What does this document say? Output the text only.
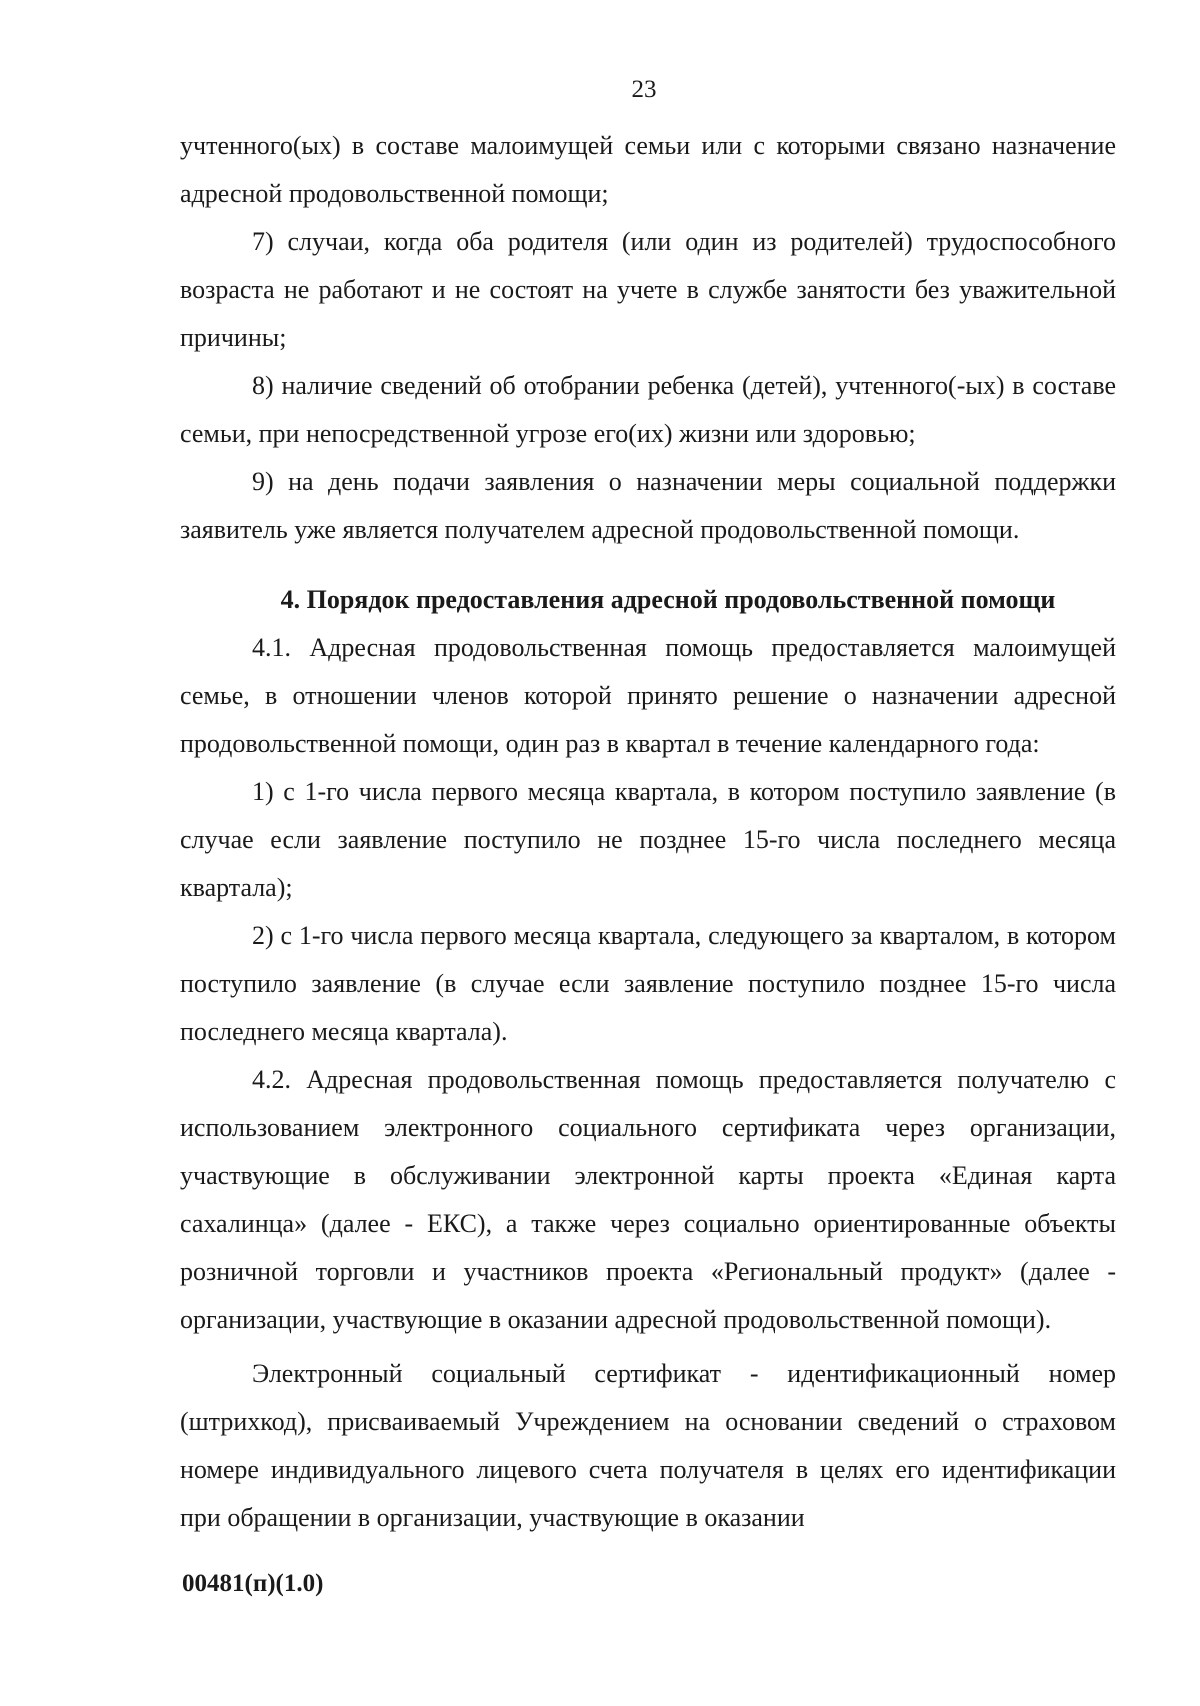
23

учтенного(ых) в составе малоимущей семьи или с которыми связано назначение адресной продовольственной помощи;

7) случаи, когда оба родителя (или один из родителей) трудоспособного возраста не работают и не состоят на учете в службе занятости без уважительной причины;

8) наличие сведений об отобрании ребенка (детей), учтенного(-ых) в составе семьи, при непосредственной угрозе его(их) жизни или здоровью;

9) на день подачи заявления о назначении меры социальной поддержки заявитель уже является получателем адресной продовольственной помощи.

4. Порядок предоставления адресной продовольственной помощи

4.1. Адресная продовольственная помощь предоставляется малоимущей семье, в отношении членов которой принято решение о назначении адресной продовольственной помощи, один раз в квартал в течение календарного года:

1) с 1-го числа первого месяца квартала, в котором поступило заявление (в случае если заявление поступило не позднее 15-го числа последнего месяца квартала);

2) с 1-го числа первого месяца квартала, следующего за кварталом, в котором поступило заявление (в случае если заявление поступило позднее 15-го числа последнего месяца квартала).

4.2. Адресная продовольственная помощь предоставляется получателю с использованием электронного социального сертификата через организации, участвующие в обслуживании электронной карты проекта «Единая карта сахалинца» (далее - ЕКС), а также через социально ориентированные объекты розничной торговли и участников проекта «Региональный продукт» (далее - организации, участвующие в оказании адресной продовольственной помощи).

Электронный социальный сертификат - идентификационный номер (штрихкод), присваиваемый Учреждением на основании сведений о страховом номере индивидуального лицевого счета получателя в целях его идентификации при обращении в организации, участвующие в оказании

00481(п)(1.0)
